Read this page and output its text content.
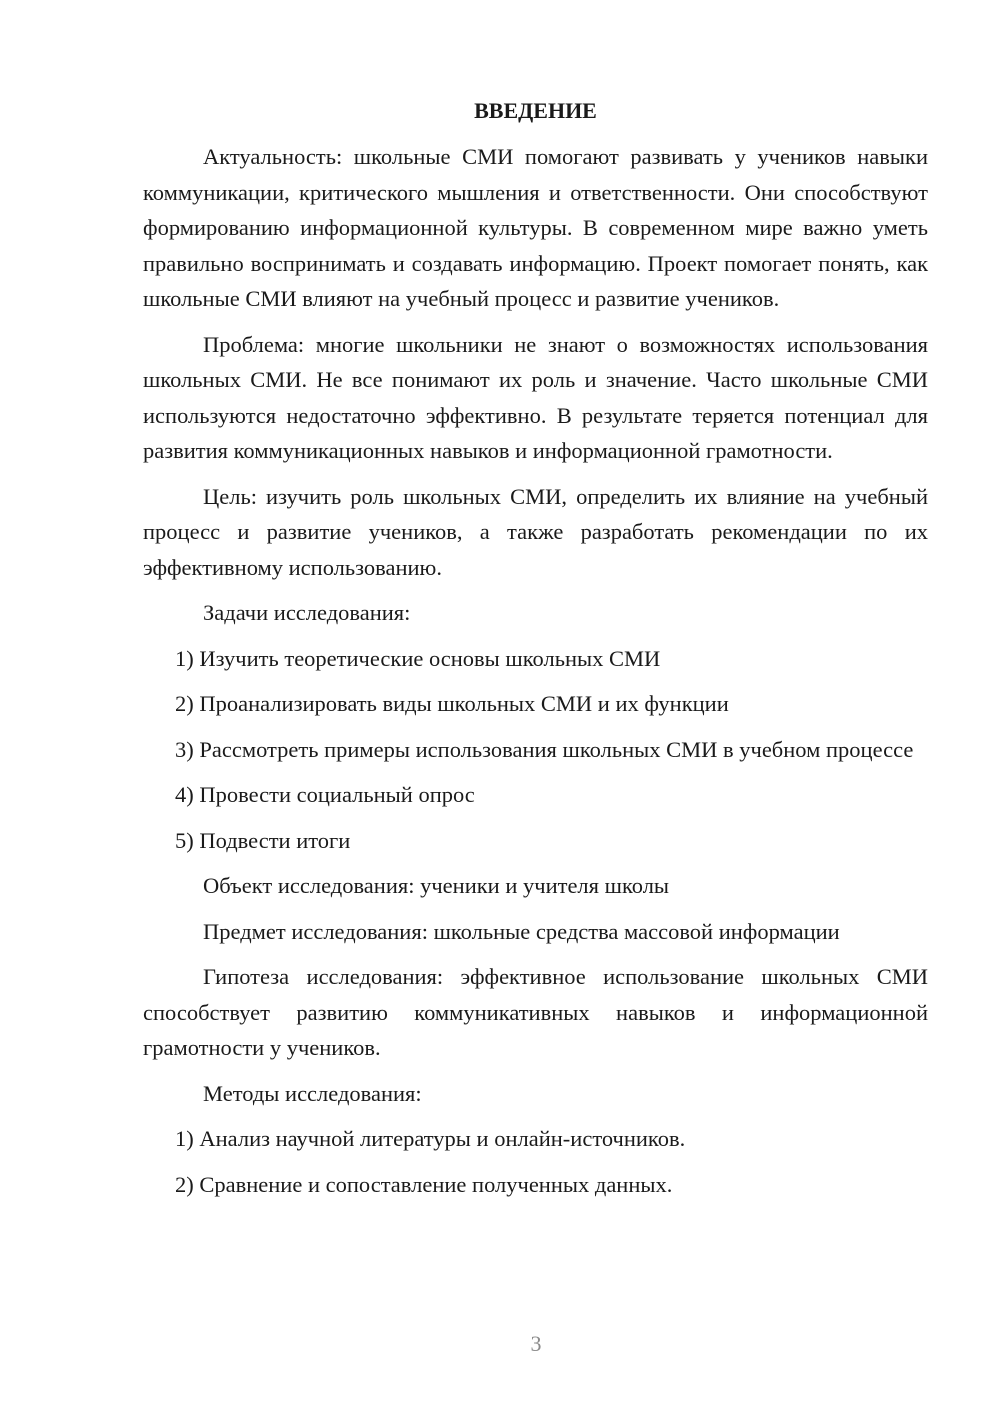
ВВЕДЕНИЕ

Актуальность: школьные СМИ помогают развивать у учеников навыки коммуникации, критического мышления и ответственности. Они способствуют формированию информационной культуры. В современном мире важно уметь правильно воспринимать и создавать информацию. Проект помогает понять, как школьные СМИ влияют на учебный процесс и развитие учеников.

Проблема: многие школьники не знают о возможностях использования школьных СМИ. Не все понимают их роль и значение. Часто школьные СМИ используются недостаточно эффективно. В результате теряется потенциал для развития коммуникационных навыков и информационной грамотности.

Цель: изучить роль школьных СМИ, определить их влияние на учебный процесс и развитие учеников, а также разработать рекомендации по их эффективному использованию.

Задачи исследования:

1) Изучить теоретические основы школьных СМИ

2) Проанализировать виды школьных СМИ и их функции

3) Рассмотреть примеры использования школьных СМИ в учебном процессе

4) Провести социальный опрос

5) Подвести итоги

Объект исследования: ученики и учителя школы

Предмет исследования: школьные средства массовой информации

Гипотеза исследования: эффективное использование школьных СМИ способствует развитию коммуникативных навыков и информационной грамотности у учеников.

Методы исследования:

1) Анализ научной литературы и онлайн-источников.

2) Сравнение и сопоставление полученных данных.

3
